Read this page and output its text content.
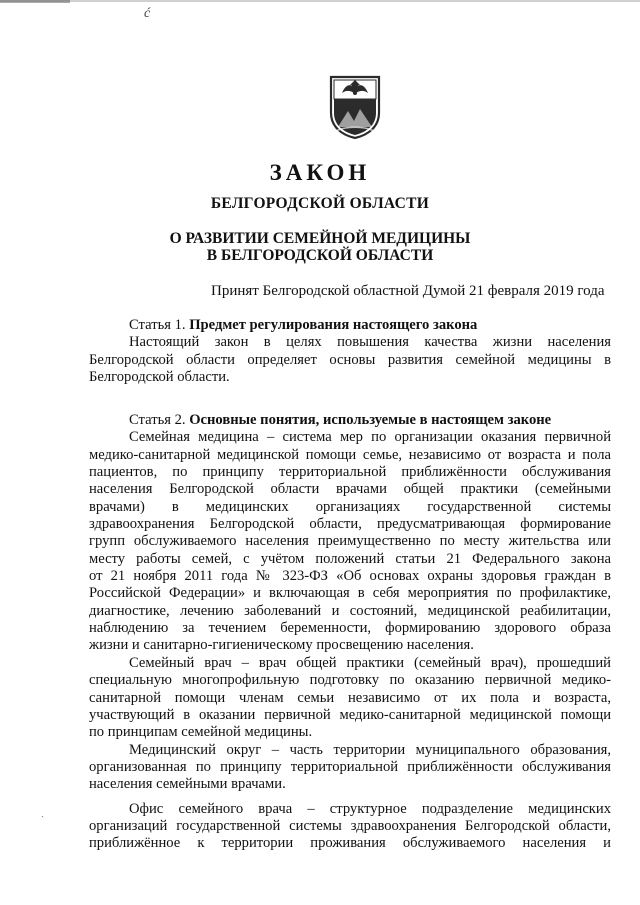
ć
ЗАКОН
БЕЛГОРОДСКОЙ ОБЛАСТИ
О РАЗВИТИИ СЕМЕЙНОЙ МЕДИЦИНЫ
В БЕЛГОРОДСКОЙ ОБЛАСТИ
Принят Белгородской областной Думой 21 февраля 2019 года
Статья 1. Предмет регулирования настоящего закона
Настоящий закон в целях повышения качества жизни населения
Белгородской области определяет основы развития семейной медицины в
Белгородской области.
Статья 2. Основные понятия, используемые в настоящем законе
Семейная медицина – система мер по организации оказания первичной
медико-санитарной медицинской помощи семье, независимо от возраста и пола
пациентов, по принципу территориальной приближённости обслуживания
населения Белгородской области врачами общей практики (семейными
врачами) в медицинских организациях государственной системы
здравоохранения Белгородской области, предусматривающая формирование
групп обслуживаемого населения преимущественно по месту жительства или
месту работы семей, с учётом положений статьи 21 Федерального закона
от 21 ноября 2011 года № 323-ФЗ «Об основах охраны здоровья граждан в
Российской Федерации» и включающая в себя мероприятия по профилактике,
диагностике, лечению заболеваний и состояний, медицинской реабилитации,
наблюдению за течением беременности, формированию здорового образа
жизни и санитарно-гигиеническому просвещению населения.
Семейный врач – врач общей практики (семейный врач), прошедший
специальную многопрофильную подготовку по оказанию первичной медико-
санитарной помощи членам семьи независимо от их пола и возраста,
участвующий в оказании первичной медико-санитарной медицинской помощи
по принципам семейной медицины.
Медицинский округ – часть территории муниципального образования,
организованная по принципу территориальной приближённости обслуживания
населения семейными врачами.
Офис семейного врача – структурное подразделение медицинских
организаций государственной системы здравоохранения Белгородской области,
приближённое к территории проживания обслуживаемого населения и
ˏ
